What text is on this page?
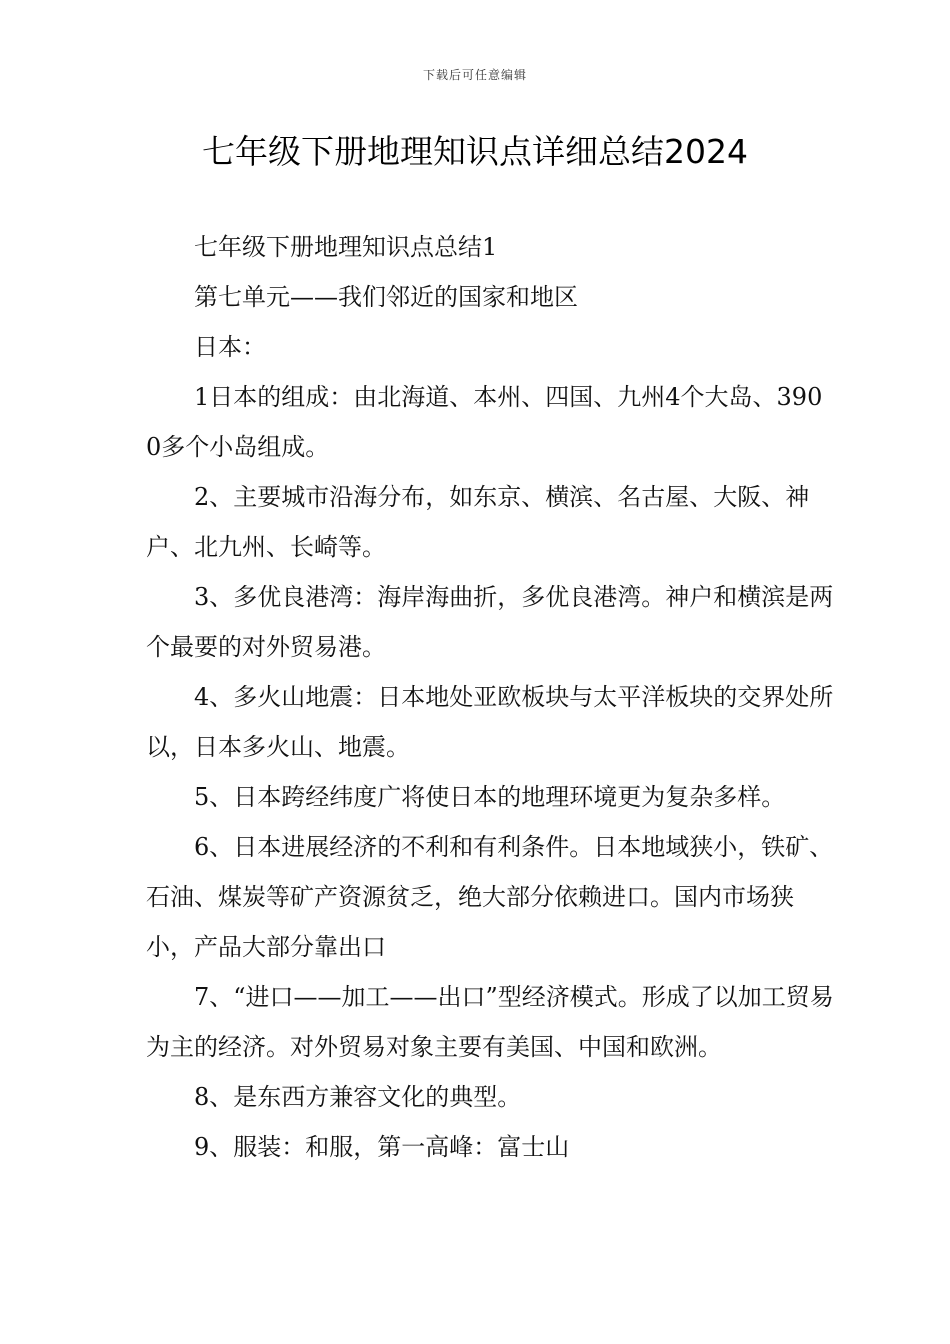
下载后可任意编辑
七年级下册地理知识点详细总结2024

七年级下册地理知识点总结1

第七单元——我们邻近的国家和地区

日本：

1日本的组成：由北海道、本州、四国、九州4个大岛、3900多个小岛组成。

2、主要城市沿海分布，如东京、横滨、名古屋、大阪、神户、北九州、长崎等。

3、多优良港湾：海岸海曲折，多优良港湾。神户和横滨是两个最要的对外贸易港。

4、多火山地震：日本地处亚欧板块与太平洋板块的交界处所以，日本多火山、地震。

5、日本跨经纬度广将使日本的地理环境更为复杂多样。

6、日本进展经济的不利和有利条件。日本地域狭小，铁矿、石油、煤炭等矿产资源贫乏，绝大部分依赖进口。国内市场狭小，产品大部分靠出口

7、“进口——加工——出口”型经济模式。形成了以加工贸易为主的经济。对外贸易对象主要有美国、中国和欧洲。

8、是东西方兼容文化的典型。

9、服装：和服，第一高峰：富士山
